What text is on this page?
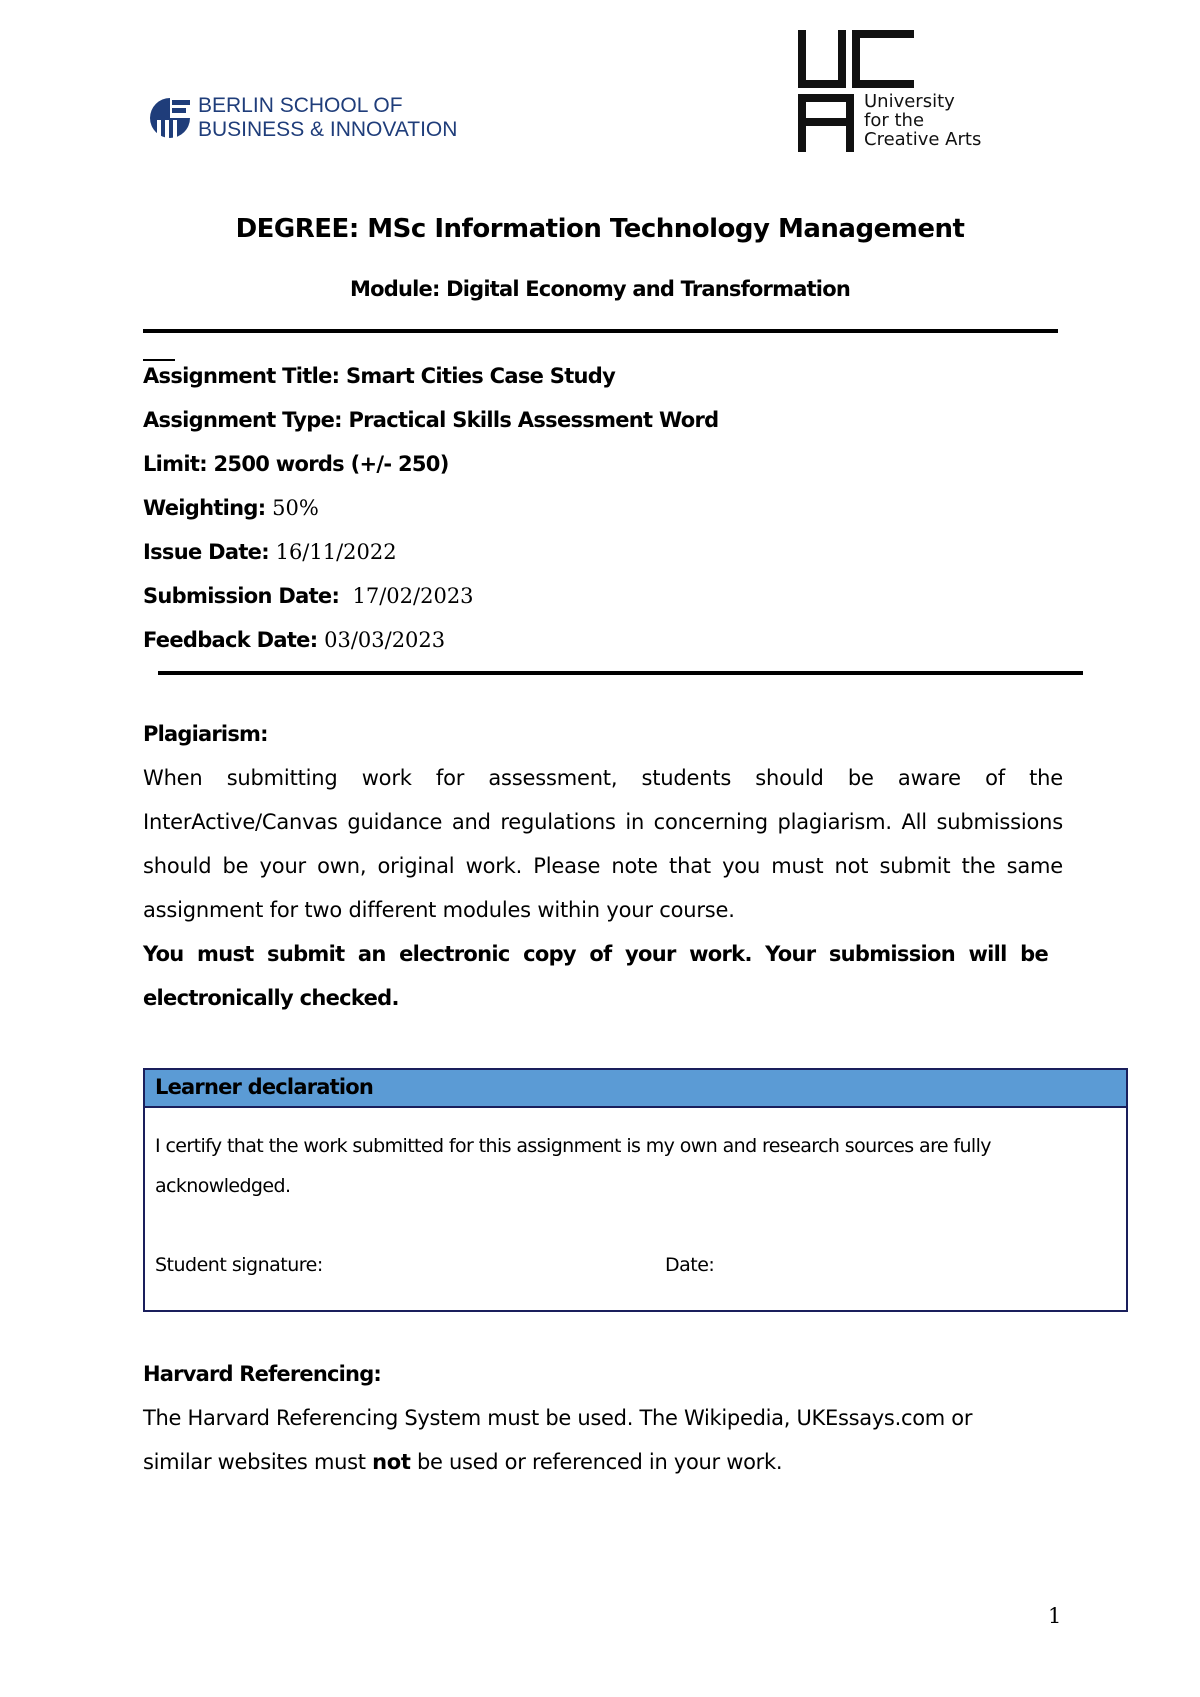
BERLIN SCHOOL OF
BUSINESS & INNOVATION
University
for the
Creative Arts
DEGREE: MSc Information Technology Management
Module: Digital Economy and Transformation
Assignment Title: Smart Cities Case Study
Assignment Type: Practical Skills Assessment Word
Limit: 2500 words (+/- 250)
Weighting: 50%
Issue Date: 16/11/2022
Submission Date:  17/02/2023
Feedback Date: 03/03/2023
Plagiarism:
When submitting work for assessment, students should be aware of the InterActive/Canvas guidance and regulations in concerning plagiarism. All submissions should be your own, original work. Please note that you must not submit the same assignment for two different modules within your course.
You must submit an electronic copy of your work. Your submission will be electronically checked.
Learner declaration
I certify that the work submitted for this assignment is my own and research sources are fully acknowledged.
Student signature:	Date:
Harvard Referencing:
The Harvard Referencing System must be used. The Wikipedia, UKEssays.com or similar websites must not be used or referenced in your work.
1
